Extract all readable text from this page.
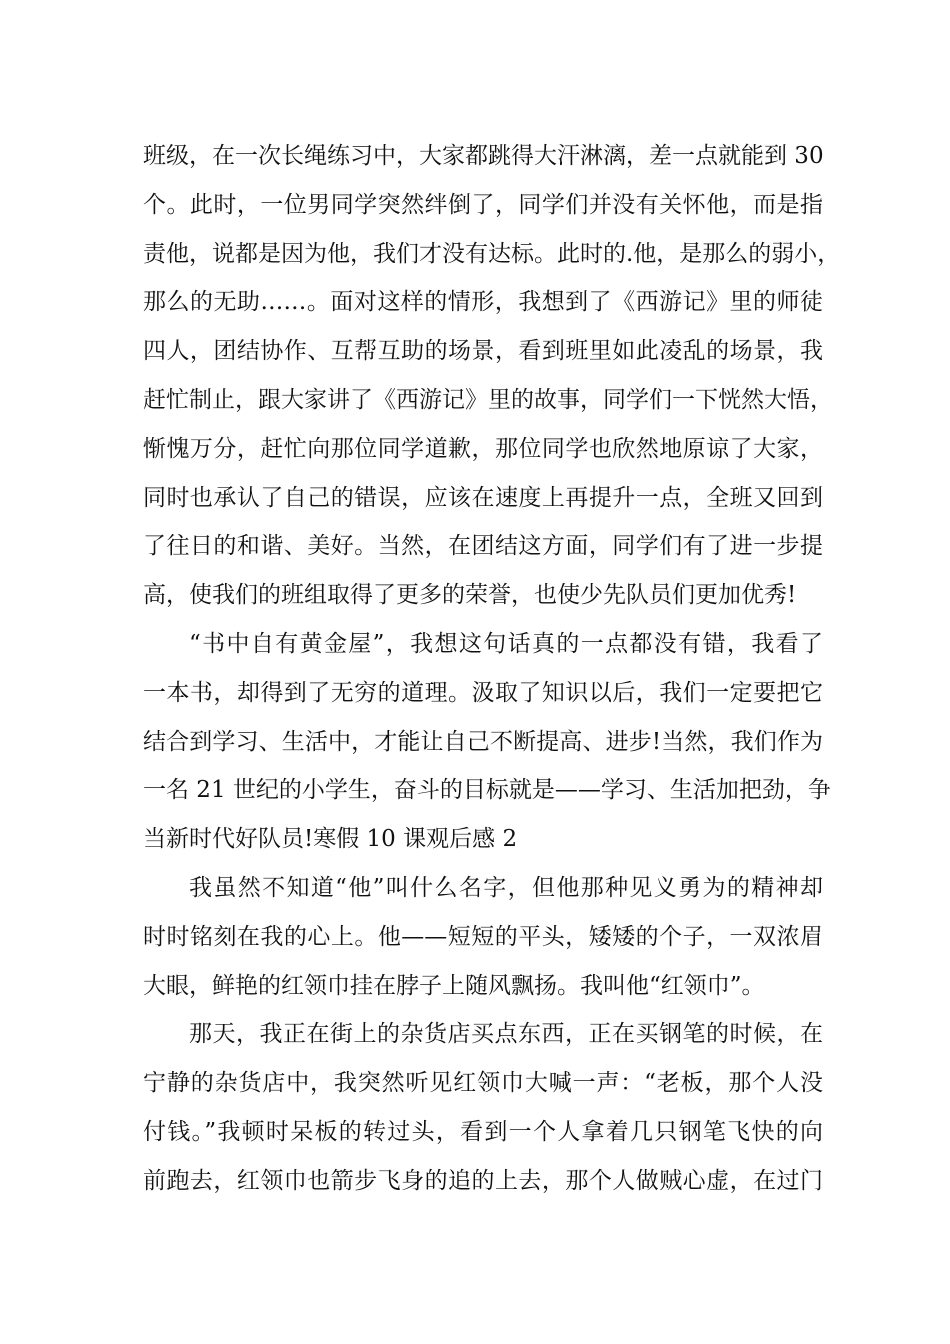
班级，在一次长绳练习中，大家都跳得大汗淋漓，差一点就能到 30
个。此时，一位男同学突然绊倒了，同学们并没有关怀他，而是指
责他，说都是因为他，我们才没有达标。此时的.他，是那么的弱小，
那么的无助……。面对这样的情形，我想到了《西游记》里的师徒
四人，团结协作、互帮互助的场景，看到班里如此凌乱的场景，我
赶忙制止，跟大家讲了《西游记》里的故事，同学们一下恍然大悟，
惭愧万分，赶忙向那位同学道歉，那位同学也欣然地原谅了大家，
同时也承认了自己的错误，应该在速度上再提升一点，全班又回到
了往日的和谐、美好。当然，在团结这方面，同学们有了进一步提
高，使我们的班组取得了更多的荣誉，也使少先队员们更加优秀!
“书中自有黄金屋”，我想这句话真的一点都没有错，我看了
一本书，却得到了无穷的道理。汲取了知识以后，我们一定要把它
结合到学习、生活中，才能让自己不断提高、进步!当然，我们作为
一名 21 世纪的小学生，奋斗的目标就是——学习、生活加把劲，争
当新时代好队员!寒假 10 课观后感 2
我虽然不知道“他”叫什么名字，但他那种见义勇为的精神却
时时铭刻在我的心上。他——短短的平头，矮矮的个子，一双浓眉
大眼，鲜艳的红领巾挂在脖子上随风飘扬。我叫他“红领巾”。
那天，我正在街上的杂货店买点东西，正在买钢笔的时候，在
宁静的杂货店中，我突然听见红领巾大喊一声：“老板，那个人没
付钱。”我顿时呆板的转过头，看到一个人拿着几只钢笔飞快的向
前跑去，红领巾也箭步飞身的追的上去，那个人做贼心虚，在过门
